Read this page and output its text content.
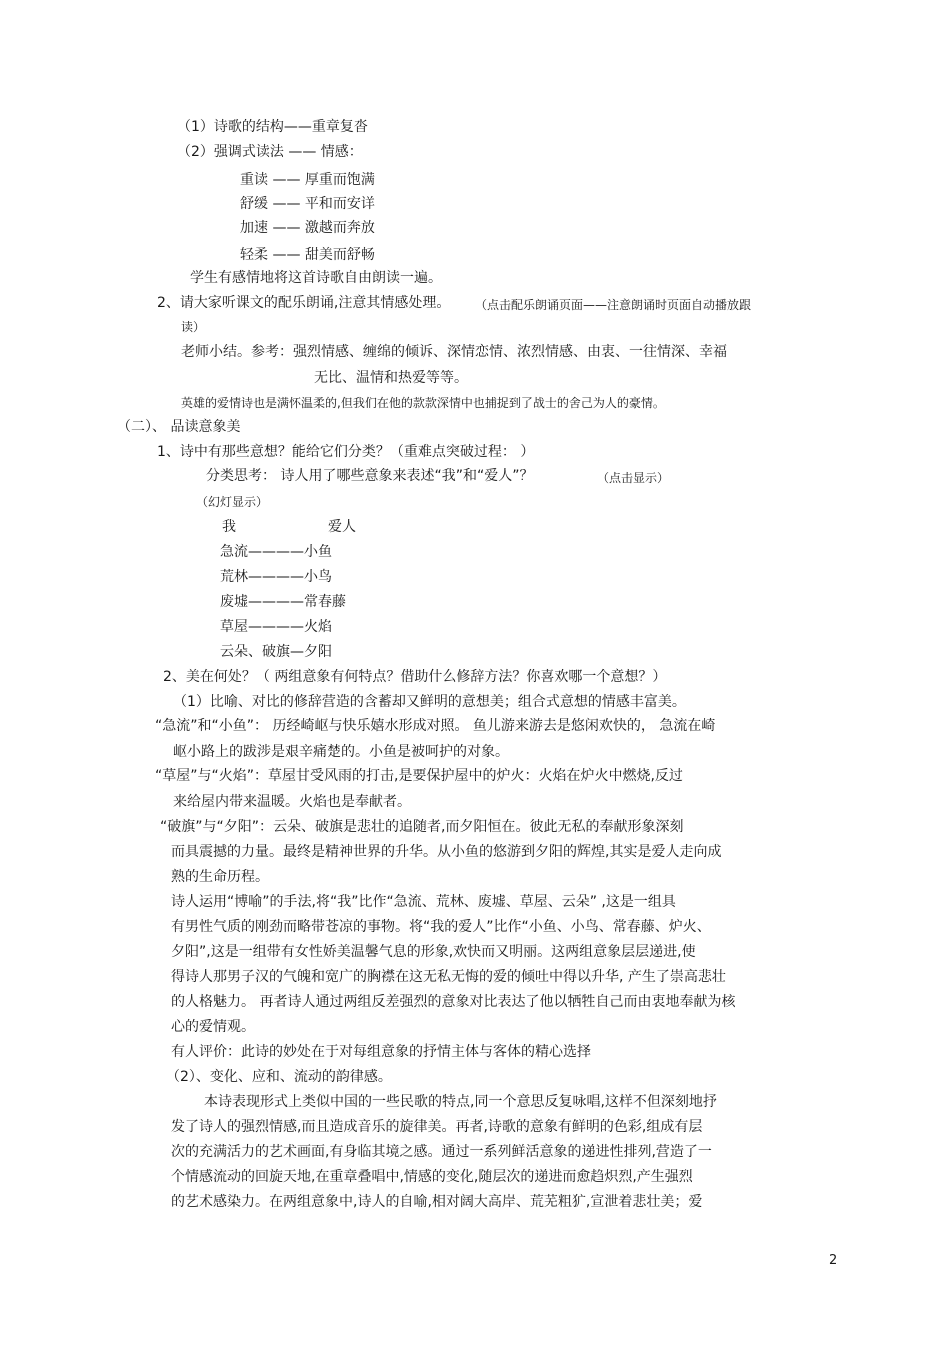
（1）诗歌的结构——重章复沓
（2）强调式读法 —— 情感：
重读 —— 厚重而饱满
舒缓 —— 平和而安详
加速 —— 激越而奔放
轻柔 —— 甜美而舒畅
学生有感情地将这首诗歌自由朗读一遍。
2、请大家听课文的配乐朗诵,注意其情感处理。 （点击配乐朗诵页面——注意朗诵时页面自动播放跟
读）
老师小结。参考：强烈情感、缠绵的倾诉、深情恋情、浓烈情感、由衷、一往情深、幸福
无比、温情和热爱等等。
英雄的爱情诗也是满怀温柔的,但我们在他的款款深情中也捕捉到了战士的舍己为人的豪情。
（二）、 品读意象美
1、诗中有那些意想？能给它们分类？（重难点突破过程： ）
分类思考： 诗人用了哪些意象来表述“我”和“爱人”？	（点击显示）
（幻灯显示）
我	爱人
急流————小鱼
荒林————小鸟
废墟————常春藤
草屋————火焰
云朵、破旗—夕阳
2、美在何处？（ 两组意象有何特点？借助什么修辞方法？你喜欢哪一个意想？）
（1）比喻、对比的修辞营造的含蓄却又鲜明的意想美；组合式意想的情感丰富美。
“急流”和“小鱼”： 历经崎岖与快乐嬉水形成对照。 鱼儿游来游去是悠闲欢快的， 急流在崎
岖小路上的跋涉是艰辛痛楚的。小鱼是被呵护的对象。
“草屋”与“火焰”：草屋甘受风雨的打击,是要保护屋中的炉火：火焰在炉火中燃烧,反过
来给屋内带来温暖。火焰也是奉献者。
“破旗”与“夕阳”：云朵、破旗是悲壮的追随者,而夕阳恒在。彼此无私的奉献形象深刻
而具震撼的力量。最终是精神世界的升华。从小鱼的悠游到夕阳的辉煌,其实是爱人走向成
熟的生命历程。
诗人运用“博喻”的手法,将“我”比作“急流、荒林、废墟、草屋、云朵” ,这是一组具
有男性气质的刚劲而略带苍凉的事物。将“我的爱人”比作“小鱼、小鸟、常春藤、炉火、
夕阳”,这是一组带有女性娇美温馨气息的形象,欢快而又明丽。这两组意象层层递进,使
得诗人那男子汉的气魄和宽广的胸襟在这无私无悔的爱的倾吐中得以升华, 产生了崇高悲壮
的人格魅力。 再者诗人通过两组反差强烈的意象对比表达了他以牺牲自己而由衷地奉献为核
心的爱情观。
有人评价：此诗的妙处在于对每组意象的抒情主体与客体的精心选择
（2）、变化、应和、流动的韵律感。
本诗表现形式上类似中国的一些民歌的特点,同一个意思反复咏唱,这样不但深刻地抒
发了诗人的强烈情感,而且造成音乐的旋律美。再者,诗歌的意象有鲜明的色彩,组成有层
次的充满活力的艺术画面,有身临其境之感。通过一系列鲜活意象的递进性排列,营造了一
个情感流动的回旋天地,在重章叠唱中,情感的变化,随层次的递进而愈趋炽烈,产生强烈
的艺术感染力。在两组意象中,诗人的自喻,相对阔大高岸、荒芜粗犷,宣泄着悲壮美；爱
2
